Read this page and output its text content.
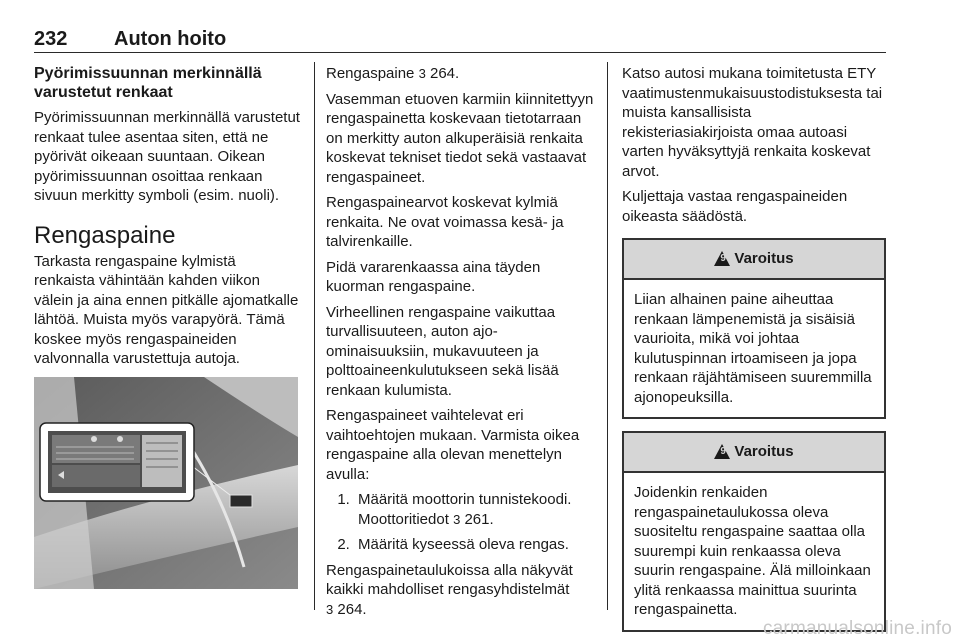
232 Auton hoito
Pyörimissuunnan merkinnällä varustetut renkaat

Pyörimissuunnan merkinnällä varustetut renkaat tulee asentaa siten, että ne pyörivät oikeaan suuntaan. Oikean pyörimissuunnan osoittaa renkaan sivuun merkitty symboli (esim. nuoli).

Rengaspaine

Tarkasta rengaspaine kylmistä renkaista vähintään kahden viikon välein ja aina ennen pitkälle ajomatkalle lähtöä. Muista myös varapyörä. Tämä koskee myös rengaspaineiden valvonnalla varustettuja autoja.

Rengaspaine 3 264.

Vasemman etuoven karmiin kiinnitettyyn rengaspainetta koskevaan tietotarraan on merkitty auton alkuperäisiä renkaita koskevat tekniset tiedot sekä vastaavat rengaspaineet.

Rengaspainearvot koskevat kylmiä renkaita. Ne ovat voimassa kesä- ja talvirenkaille.

Pidä vararenkaassa aina täyden kuorman rengaspaine.

Virheellinen rengaspaine vaikuttaa turvallisuuteen, auton ajo-ominaisuuksiin, mukavuuteen ja polttoaineenkulutukseen sekä lisää renkaan kulumista.

Rengaspaineet vaihtelevat eri vaihtoehtojen mukaan. Varmista oikea rengaspaine alla olevan menettelyn avulla:

1. Määritä moottorin tunnistekoodi. Moottoritiedot 3 261.
2. Määritä kyseessä oleva rengas.

Rengaspainetaulukoissa alla näkyvät kaikki mahdolliset rengasyhdistelmät
3 264.

Katso autosi mukana toimitetusta ETY vaatimustenmukaisuustodistuksesta tai muista kansallisista rekisteriasiakirjoista omaa autoasi varten hyväksyttyjä renkaita koskevat arvot.

Kuljettaja vastaa rengaspaineiden oikeasta säädöstä.

9 Varoitus

Liian alhainen paine aiheuttaa renkaan lämpenemistä ja sisäisiä vaurioita, mikä voi johtaa kulutuspinnan irtoamiseen ja jopa renkaan räjähtämiseen suuremmilla ajonopeuksilla.

9 Varoitus

Joidenkin renkaiden rengaspainetaulukossa oleva suositeltu rengaspaine saattaa olla suurempi kuin renkaassa oleva suurin rengaspaine. Älä milloinkaan ylitä renkaassa mainittua suurinta rengaspainetta.

carmanualsonline.info
